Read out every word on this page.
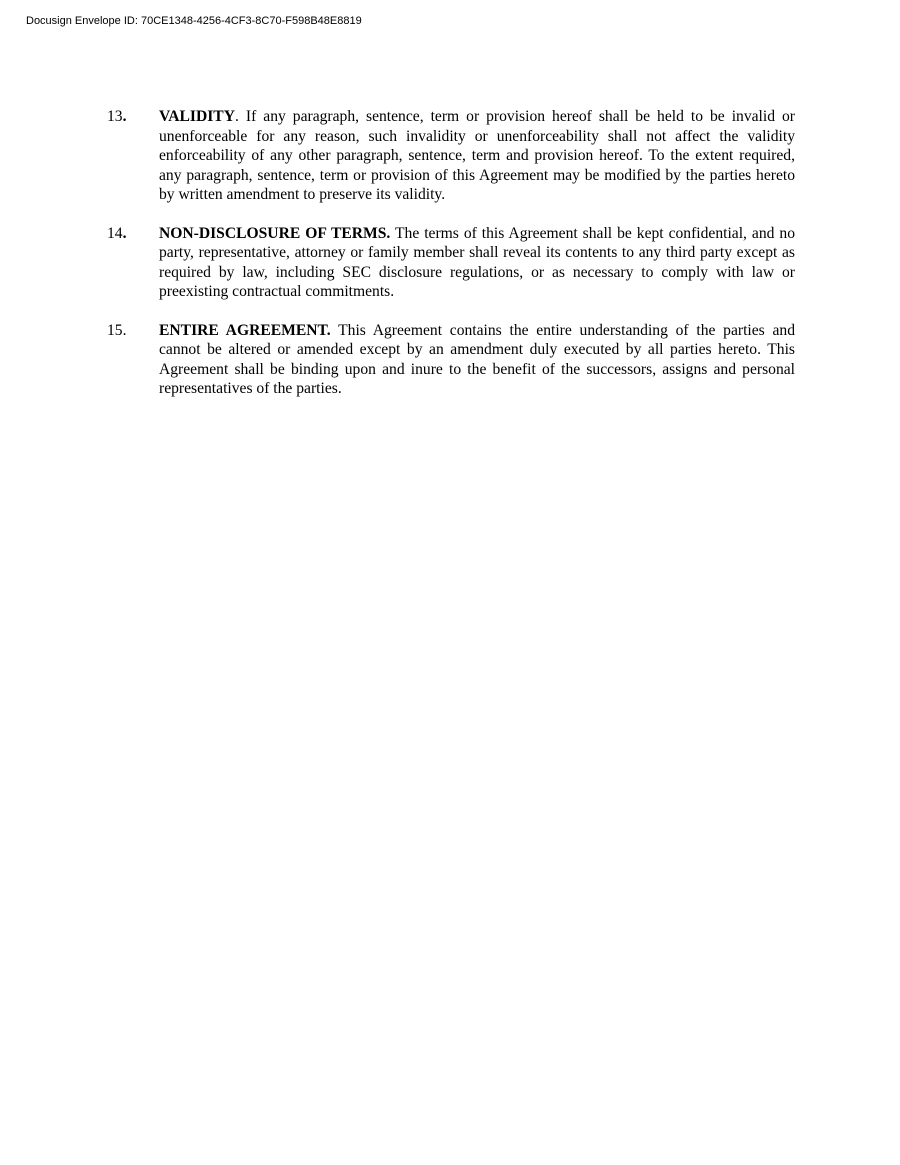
Docusign Envelope ID: 70CE1348-4256-4CF3-8C70-F598B48E8819
13.	VALIDITY. If any paragraph, sentence, term or provision hereof shall be held to be invalid or unenforceable for any reason, such invalidity or unenforceability shall not affect the validity enforceability of any other paragraph, sentence, term and provision hereof. To the extent required, any paragraph, sentence, term or provision of this Agreement may be modified by the parties hereto by written amendment to preserve its validity.
14.	NON-DISCLOSURE OF TERMS. The terms of this Agreement shall be kept confidential, and no party, representative, attorney or family member shall reveal its contents to any third party except as required by law, including SEC disclosure regulations, or as necessary to comply with law or preexisting contractual commitments.
15.	ENTIRE AGREEMENT. This Agreement contains the entire understanding of the parties and cannot be altered or amended except by an amendment duly executed by all parties hereto. This Agreement shall be binding upon and inure to the benefit of the successors, assigns and personal representatives of the parties.
